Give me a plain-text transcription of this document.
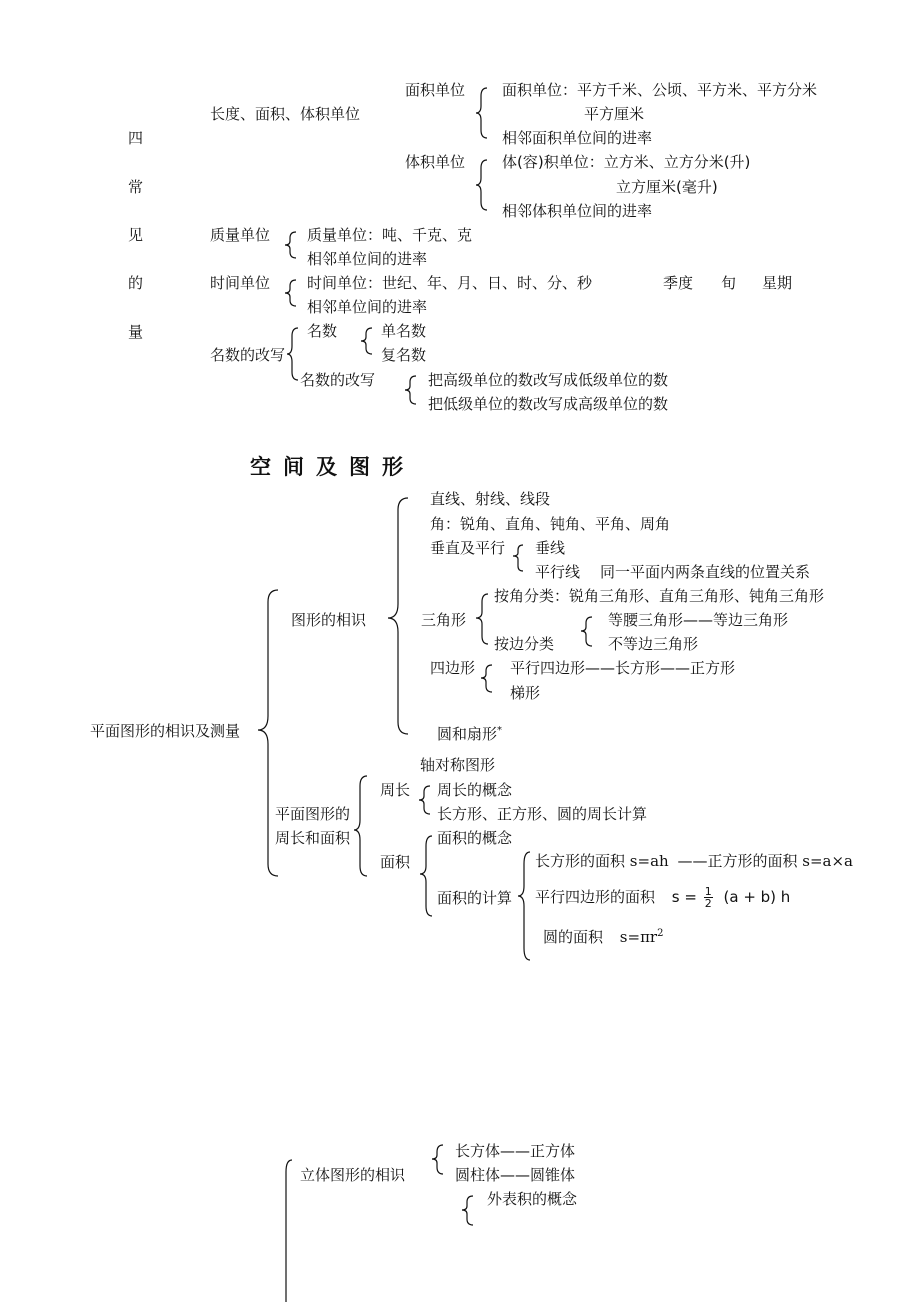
四
常
见
的
量
长度、面积、体积单位
面积单位 面积单位：平方千米、公顷、平方米、平方分米
平方厘米
相邻面积单位间的进率
体积单位 体(容)积单位：立方米、立方分米(升)
立方厘米(毫升)
相邻体积单位间的进率
质量单位 质量单位：吨、千克、克
相邻单位间的进率
时间单位 时间单位：世纪、年、月、日、时、分、秒	季度 旬 星期
相邻单位间的进率
名数的改写
名数	单名数
复名数
名数的改写	把高级单位的数改写成低级单位的数
把低级单位的数改写成高级单位的数
空间及图形
平面图形的相识及测量
图形的相识
直线、射线、线段
角：锐角、直角、钝角、平角、周角
垂直及平行 垂线
平行线 同一平面内两条直线的位置关系
三角形
按角分类：锐角三角形、直角三角形、钝角三角形
按边分类
等腰三角形——等边三角形
不等边三角形
四边形 平行四边形——长方形——正方形
梯形
圆和扇形*
平面图形的
周长和面积
轴对称图形
周长 周长的概念
长方形、正方形、圆的周长计算
面积
面积的概念
面积的计算
长方形的面积 s=ah ——正方形的面积 s=a×a
平行四边形的面积 $s = \frac{1}{2} (a + b)$ h
圆的面积 $s=\pi r^2$
立体图形的相识
长方体——正方体
圆柱体——圆锥体
外表积的概念
